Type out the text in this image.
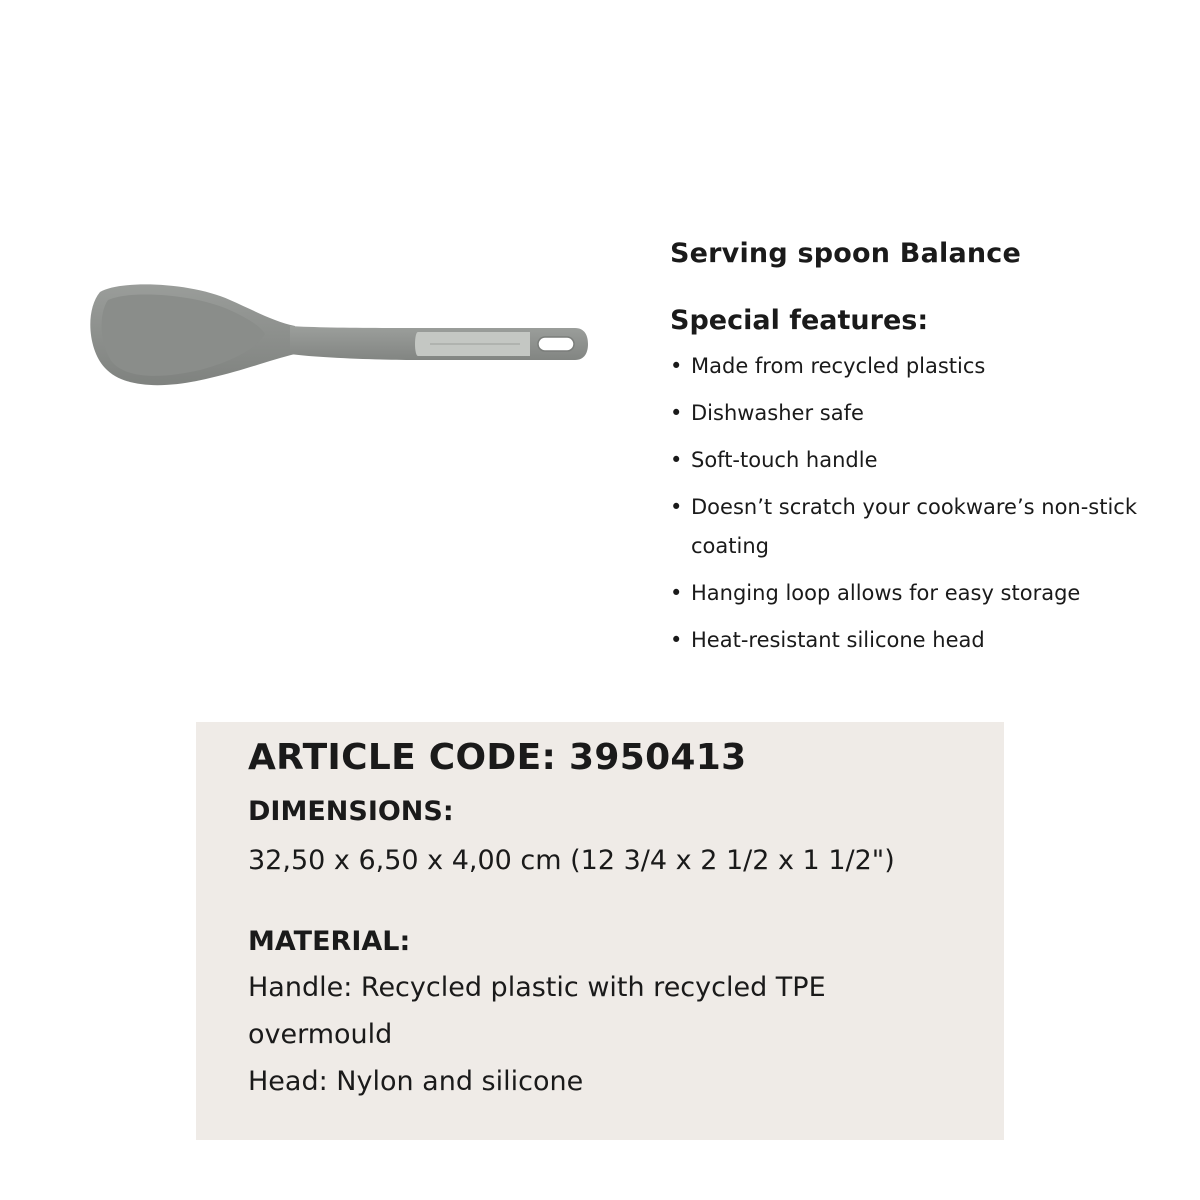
Serving spoon Balance
Special features:
• Made from recycled plastics
• Dishwasher safe
• Soft-touch handle
• Doesn’t scratch your cookware’s non-stick coating
• Hanging loop allows for easy storage
• Heat-resistant silicone head
ARTICLE CODE: 3950413
DIMENSIONS:

32,50 x 6,50 x 4,00 cm (12 3/4 x 2 1/2 x 1 1/2")

MATERIAL:

Handle: Recycled plastic with recycled TPE overmould

Head: Nylon and silicone
